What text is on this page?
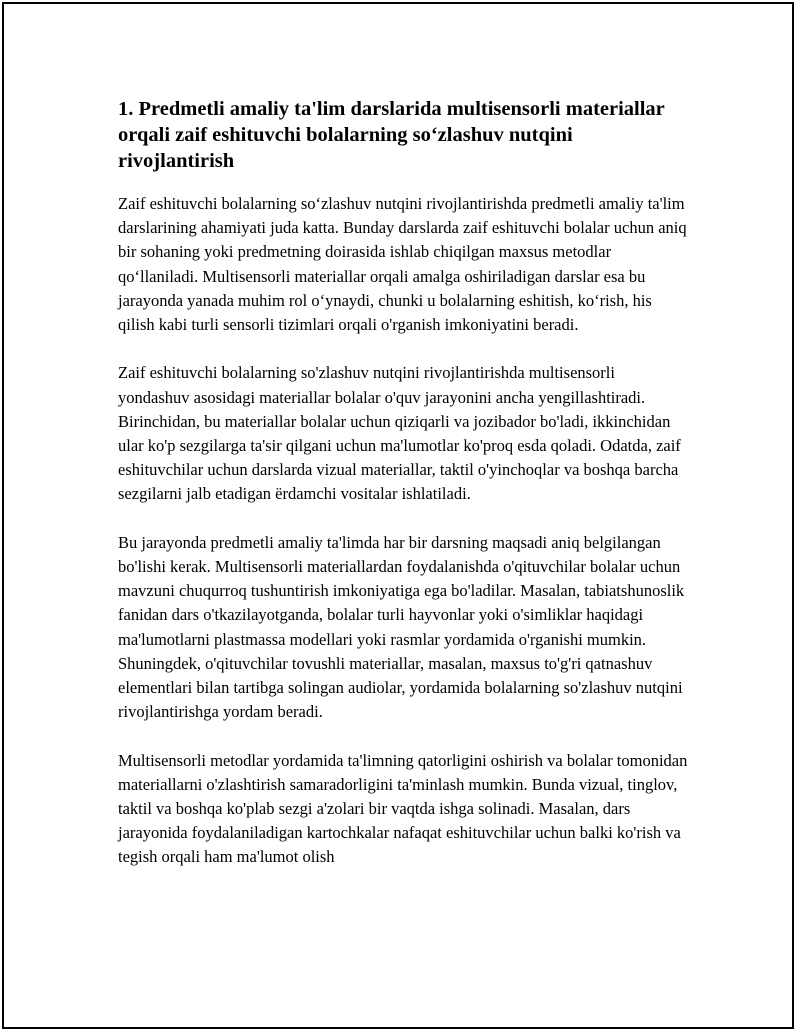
1. Predmetli amaliy ta'lim darslarida multisensorli materiallar orqali zaif eshituvchi bolalarning so‘zlashuv nutqini rivojlantirish

Zaif eshituvchi bolalarning so‘zlashuv nutqini rivojlantirishda predmetli amaliy ta'lim darslarining ahamiyati juda katta. Bunday darslarda zaif eshituvchi bolalar uchun aniq bir sohaning yoki predmetning doirasida ishlab chiqilgan maxsus metodlar qo‘llaniladi. Multisensorli materiallar orqali amalga oshiriladigan darslar esa bu jarayonda yanada muhim rol o‘ynaydi, chunki u bolalarning eshitish, ko‘rish, his qilish kabi turli sensorli tizimlari orqali o'rganish imkoniyatini beradi.

Zaif eshituvchi bolalarning so'zlashuv nutqini rivojlantirishda multisensorli yondashuv asosidagi materiallar bolalar o'quv jarayonini ancha yengillashtiradi. Birinchidan, bu materiallar bolalar uchun qiziqarli va jozibador bo'ladi, ikkinchidan ular ko'p sezgilarga ta'sir qilgani uchun ma'lumotlar ko'proq esda qoladi. Odatda, zaif eshituvchilar uchun darslarda vizual materiallar, taktil o'yinchoqlar va boshqa barcha sezgilarni jalb etadigan ërdamchi vositalar ishlatiladi.

Bu jarayonda predmetli amaliy ta'limda har bir darsning maqsadi aniq belgilangan bo'lishi kerak. Multisensorli materiallardan foydalanishda o'qituvchilar bolalar uchun mavzuni chuqurroq tushuntirish imkoniyatiga ega bo'ladilar. Masalan, tabiatshunoslik fanidan dars o'tkazilayotganda, bolalar turli hayvonlar yoki o'simliklar haqidagi ma'lumotlarni plastmassa modellari yoki rasmlar yordamida o'rganishi mumkin. Shuningdek, o'qituvchilar tovushli materiallar, masalan, maxsus to'g'ri qatnashuv elementlari bilan tartibga solingan audiolar, yordamida bolalarning so'zlashuv nutqini rivojlantirishga yordam beradi.

Multisensorli metodlar yordamida ta'limning qatorligini oshirish va bolalar tomonidan materiallarni o'zlashtirish samaradorligini ta'minlash mumkin. Bunda vizual, tinglov, taktil va boshqa ko'plab sezgi a'zolari bir vaqtda ishga solinadi. Masalan, dars jarayonida foydalaniladigan kartochkalar nafaqat eshituvchilar uchun balki ko'rish va tegish orqali ham ma'lumot olish
